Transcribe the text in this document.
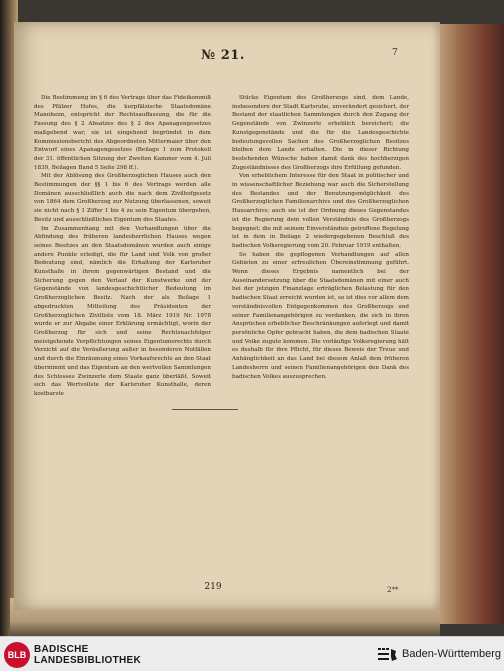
№ 21.	7

Die Bestimmung im § 6 des Vertrags über das Fideikommiß des Pfälzer Hofes, die kurpfälzische Staatsdomäne Mannheim, entspricht der Rechtsauffassung, die für die Fassung des § 2 Absatzes des § 2 des Apanagengesetzes maßgebend war; sie ist eingehend begründet in dem Kommissionsbericht des Abgeordneten Mittermaier über den Entwurf eines Apanagengesetzes (Beilage 1 zum Protokoll der 31. öffentlichen Sitzung der Zweiten Kammer vom 4. Juli 1839, Beilagen Band 5 Seite 298 ff.).

Mit der Ablösung des Großherzoglichen Hauses auch den Bestimmungen der §§ 1 bis 6 des Vertrags werden alle Domänen ausschließlich auch die nach dem Zivilhofgesetz von 1864 dem Großherzog zur Nutzung überlassenen, soweit sie nicht nach § 1 Ziffer 1 bis 4 zu sein Eigentum übergehen, Besitz und ausschließliches Eigentum des Staates.

Im Zusammenhang mit den Verhandlungen über die Abfindung des früheren landesherrlichen Hauses wegen seines Besitzes an den Staatsdomänen wurden auch einige andere Punkte erledigt, die für Land und Volk von großer Bedeutung sind, nämlich die Erhaltung der Karlsruher Kunsthalle in ihrem gegenwärtigen Bestand und die Sicherung gegen den Verlauf der Kunstwerke und der Gegenstände von landesgeschichtlicher Bedeutung im Großherzoglichen Besitz. Nach der als Beilage 1 abgedruckten Mitteilung des Präsidenten der Großherzoglichen Zivilliste vom 18. März 1919 Nr. 1978 wurde er zur Abgabe einer Erklärung ermächtigt, worin der Großherzog für sich und seine Rechtsnachfolger meistgehende Verpflichtungen seines Eigentumsrechts durch Verzicht auf die Veräußerung außer in besonderen Notfällen und durch die Einräumung eines Vorkaufsrechts an den Staat übernimmt und das Eigentum an den wertvollen Sammlungen des Schlosses Zwinzerle dem Staate ganz überläßt. Soweit sich das Wertvollste der Karlsruher Kunsthalle, deren kostbarste

Stücke Eigentum des Großherzogs sind, dem Lande, insbesondere der Stadt Karlsruhe, unverändert gesichert, der Bestand der staatlichen Sammlungen durch den Zugang der Gegenstände von Zwinzerle erheblich bereichert; die Kunstgegenstände und die für die Landesgeschichte bedeutungsvollen Sachen des Großherzoglichen Besitzes bleiben dem Lande erhalten. Die in dieser Richtung bestehenden Wünsche haben damit dank des hochherzigen Zugeständnisses des Großherzogs ihre Erfüllung gefunden.

Von erheblichem Interesse für den Staat in politischer und in wissenschaftlicher Beziehung war auch die Sicherstellung des Bestandes und der Benutzungsmöglichkeit des Großherzoglichen Familienarchivs und des Großherzoglichen Hausarchivs; auch sie ist der Ordnung dieses Gegenstandes ist die Regierung dem vollen Verständnis des Großherzogs begegnet; die mit seinem Einverständnis getroffene Regelung ist in dem in Beilage 2 wiedergegebenen Beschluß des badischen Volksregierung vom 20. Februar 1919 enthalten.

So haben die gepflogenen Verhandlungen auf allen Gebieten zu einer erfreulichen Übereinstimmung geführt. Wenn dieses Ergebnis namentlich bei der Auseinandersetzung über die Staatsdomänen mit einer auch bei der jetzigen Finanzlage erträglichen Belastung für den badischen Staat erreicht worden ist, so ist dies vor allem dem verständnisvollen Entgegenkommen des Großherzogs und seiner Familienangehörigen zu verdanken, die sich in ihren Ansprüchen erheblicher Beschränkungen auferlegt und damit persönliche Opfer gebracht haben, die dem badischen Staate und Volke zugute kommen. Die vorläufige Volksregierung hält es deshalb für ihre Pflicht, für dieses Beweis der Treue und Anhänglichkeit an das Land bei diesem Anlaß dem früheren Landesherrn und seinen Familienangehörigen den Dank des badischen Volkes auszusprechen.

219	2**
BLB BADISCHE
LANDESBIBLIOTHEK
Baden-Württemberg
